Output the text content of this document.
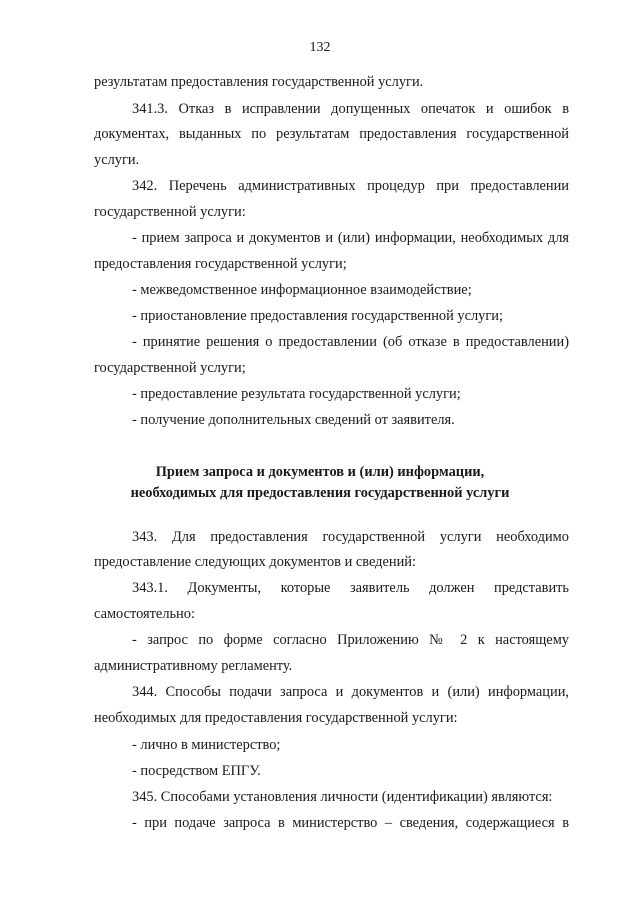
132
результатам предоставления государственной услуги.
341.3. Отказ в исправлении допущенных опечаток и ошибок в
документах, выданных по результатам предоставления государственной
услуги.
342. Перечень административных процедур при предоставлении
государственной услуги:
- прием запроса и документов и (или) информации, необходимых для
предоставления государственной услуги;
- межведомственное информационное взаимодействие;
- приостановление предоставления государственной услуги;
- принятие решения о предоставлении (об отказе в предоставлении)
государственной услуги;
- предоставление результата государственной услуги;
- получение дополнительных сведений от заявителя.
Прием запроса и документов и (или) информации,
необходимых для предоставления государственной услуги
343. Для предоставления государственной услуги необходимо
предоставление следующих документов и сведений:
343.1. Документы, которые заявитель должен представить
самостоятельно:
- запрос по форме согласно Приложению № 2 к настоящему
административному регламенту.
344. Способы подачи запроса и документов и (или) информации,
необходимых для предоставления государственной услуги:
- лично в министерство;
- посредством ЕПГУ.
345. Способами установления личности (идентификации) являются:
- при подаче запроса в министерство – сведения, содержащиеся в
